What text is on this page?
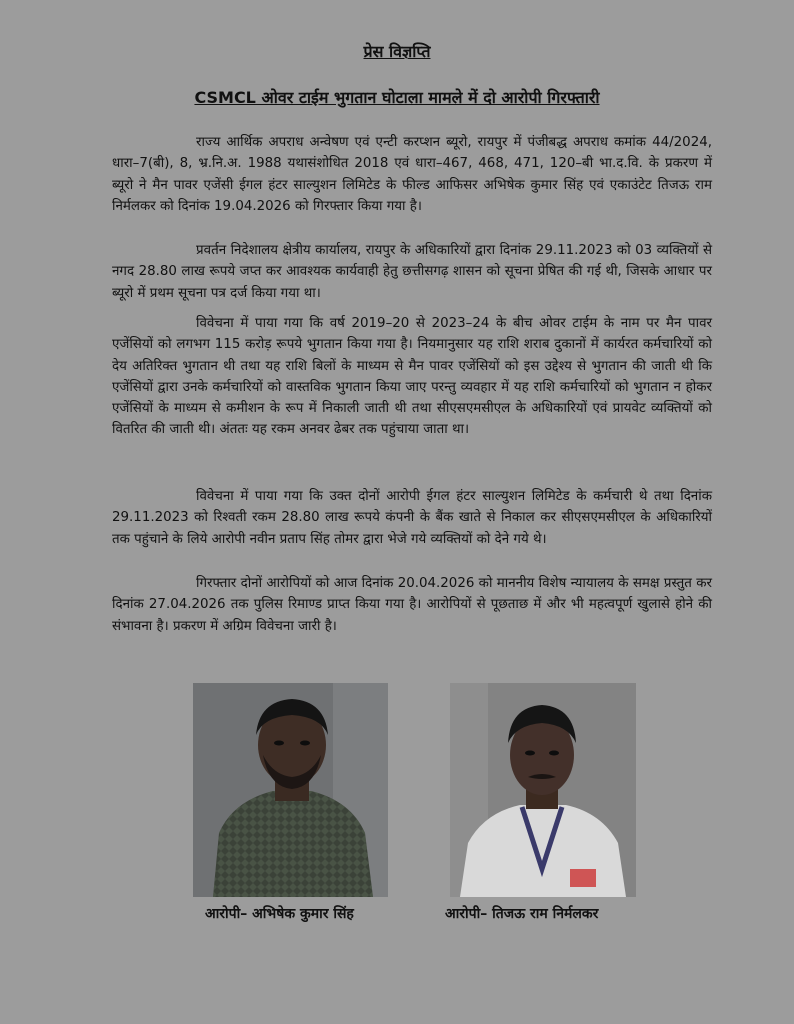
प्रेस विज्ञप्ति
CSMCL ओवर टाईम भुगतान घोटाला मामले में दो आरोपी गिरफ्तारी

राज्य आर्थिक अपराध अन्वेषण एवं एन्टी करप्शन ब्यूरो, रायपुर में पंजीबद्ध अपराध कमांक 44/2024, धारा–7(बी), 8, भ्र.नि.अ. 1988 यथासंशोधित 2018 एवं धारा–467, 468, 471, 120–बी भा.द.वि. के प्रकरण में ब्यूरो ने मैन पावर एजेंसी ईगल हंटर साल्युशन लिमिटेड के फील्ड आफिसर अभिषेक कुमार सिंह एवं एकाउंटेट तिजऊ राम निर्मलकर को दिनांक 19.04.2026 को गिरफ्तार किया गया है।

प्रवर्तन निदेशालय क्षेत्रीय कार्यालय, रायपुर के अधिकारियों द्वारा दिनांक 29.11.2023 को 03 व्यक्तियों से नगद 28.80 लाख रूपये जप्त कर आवश्यक कार्यवाही हेतु छत्तीसगढ़ शासन को सूचना प्रेषित की गई थी, जिसके आधार पर ब्यूरो में प्रथम सूचना पत्र दर्ज किया गया था।

विवेचना में पाया गया कि वर्ष 2019–20 से 2023–24 के बीच ओवर टाईम के नाम पर मैन पावर एजेंसियों को लगभग 115 करोड़ रूपये भुगतान किया गया है। नियमानुसार यह राशि शराब दुकानों में कार्यरत कर्मचारियों को देय अतिरिक्त भुगतान थी तथा यह राशि बिलों के माध्यम से मैन पावर एजेंसियों को इस उद्देश्य से भुगतान की जाती थी कि एजेंसियों द्वारा उनके कर्मचारियों को वास्तविक भुगतान किया जाए परन्तु व्यवहार में यह राशि कर्मचारियों को भुगतान न होकर एजेंसियों के माध्यम से कमीशन के रूप में निकाली जाती थी तथा सीएसएमसीएल के अधिकारियों एवं प्रायवेट व्यक्तियों को वितरित की जाती थी। अंततः यह रकम अनवर ढेबर तक पहुंचाया जाता था।

विवेचना में पाया गया कि उक्त दोनों आरोपी ईगल हंटर साल्युशन लिमिटेड के कर्मचारी थे तथा दिनांक 29.11.2023 को रिश्वती रकम 28.80 लाख रूपये कंपनी के बैंक खाते से निकाल कर सीएसएमसीएल के अधिकारियों तक पहुंचाने के लिये आरोपी नवीन प्रताप सिंह तोमर द्वारा भेजे गये व्यक्तियों को देने गये थे।

गिरफ्तार दोनों आरोपियों को आज दिनांक 20.04.2026 को माननीय विशेष न्यायालय के समक्ष प्रस्तुत कर दिनांक 27.04.2026 तक पुलिस रिमाण्ड प्राप्त किया गया है। आरोपियों से पूछताछ में और भी महत्वपूर्ण खुलासे होने की संभावना है। प्रकरण में अग्रिम विवेचना जारी है।

आरोपी– अभिषेक कुमार सिंह	आरोपी– तिजऊ राम निर्मलकर
